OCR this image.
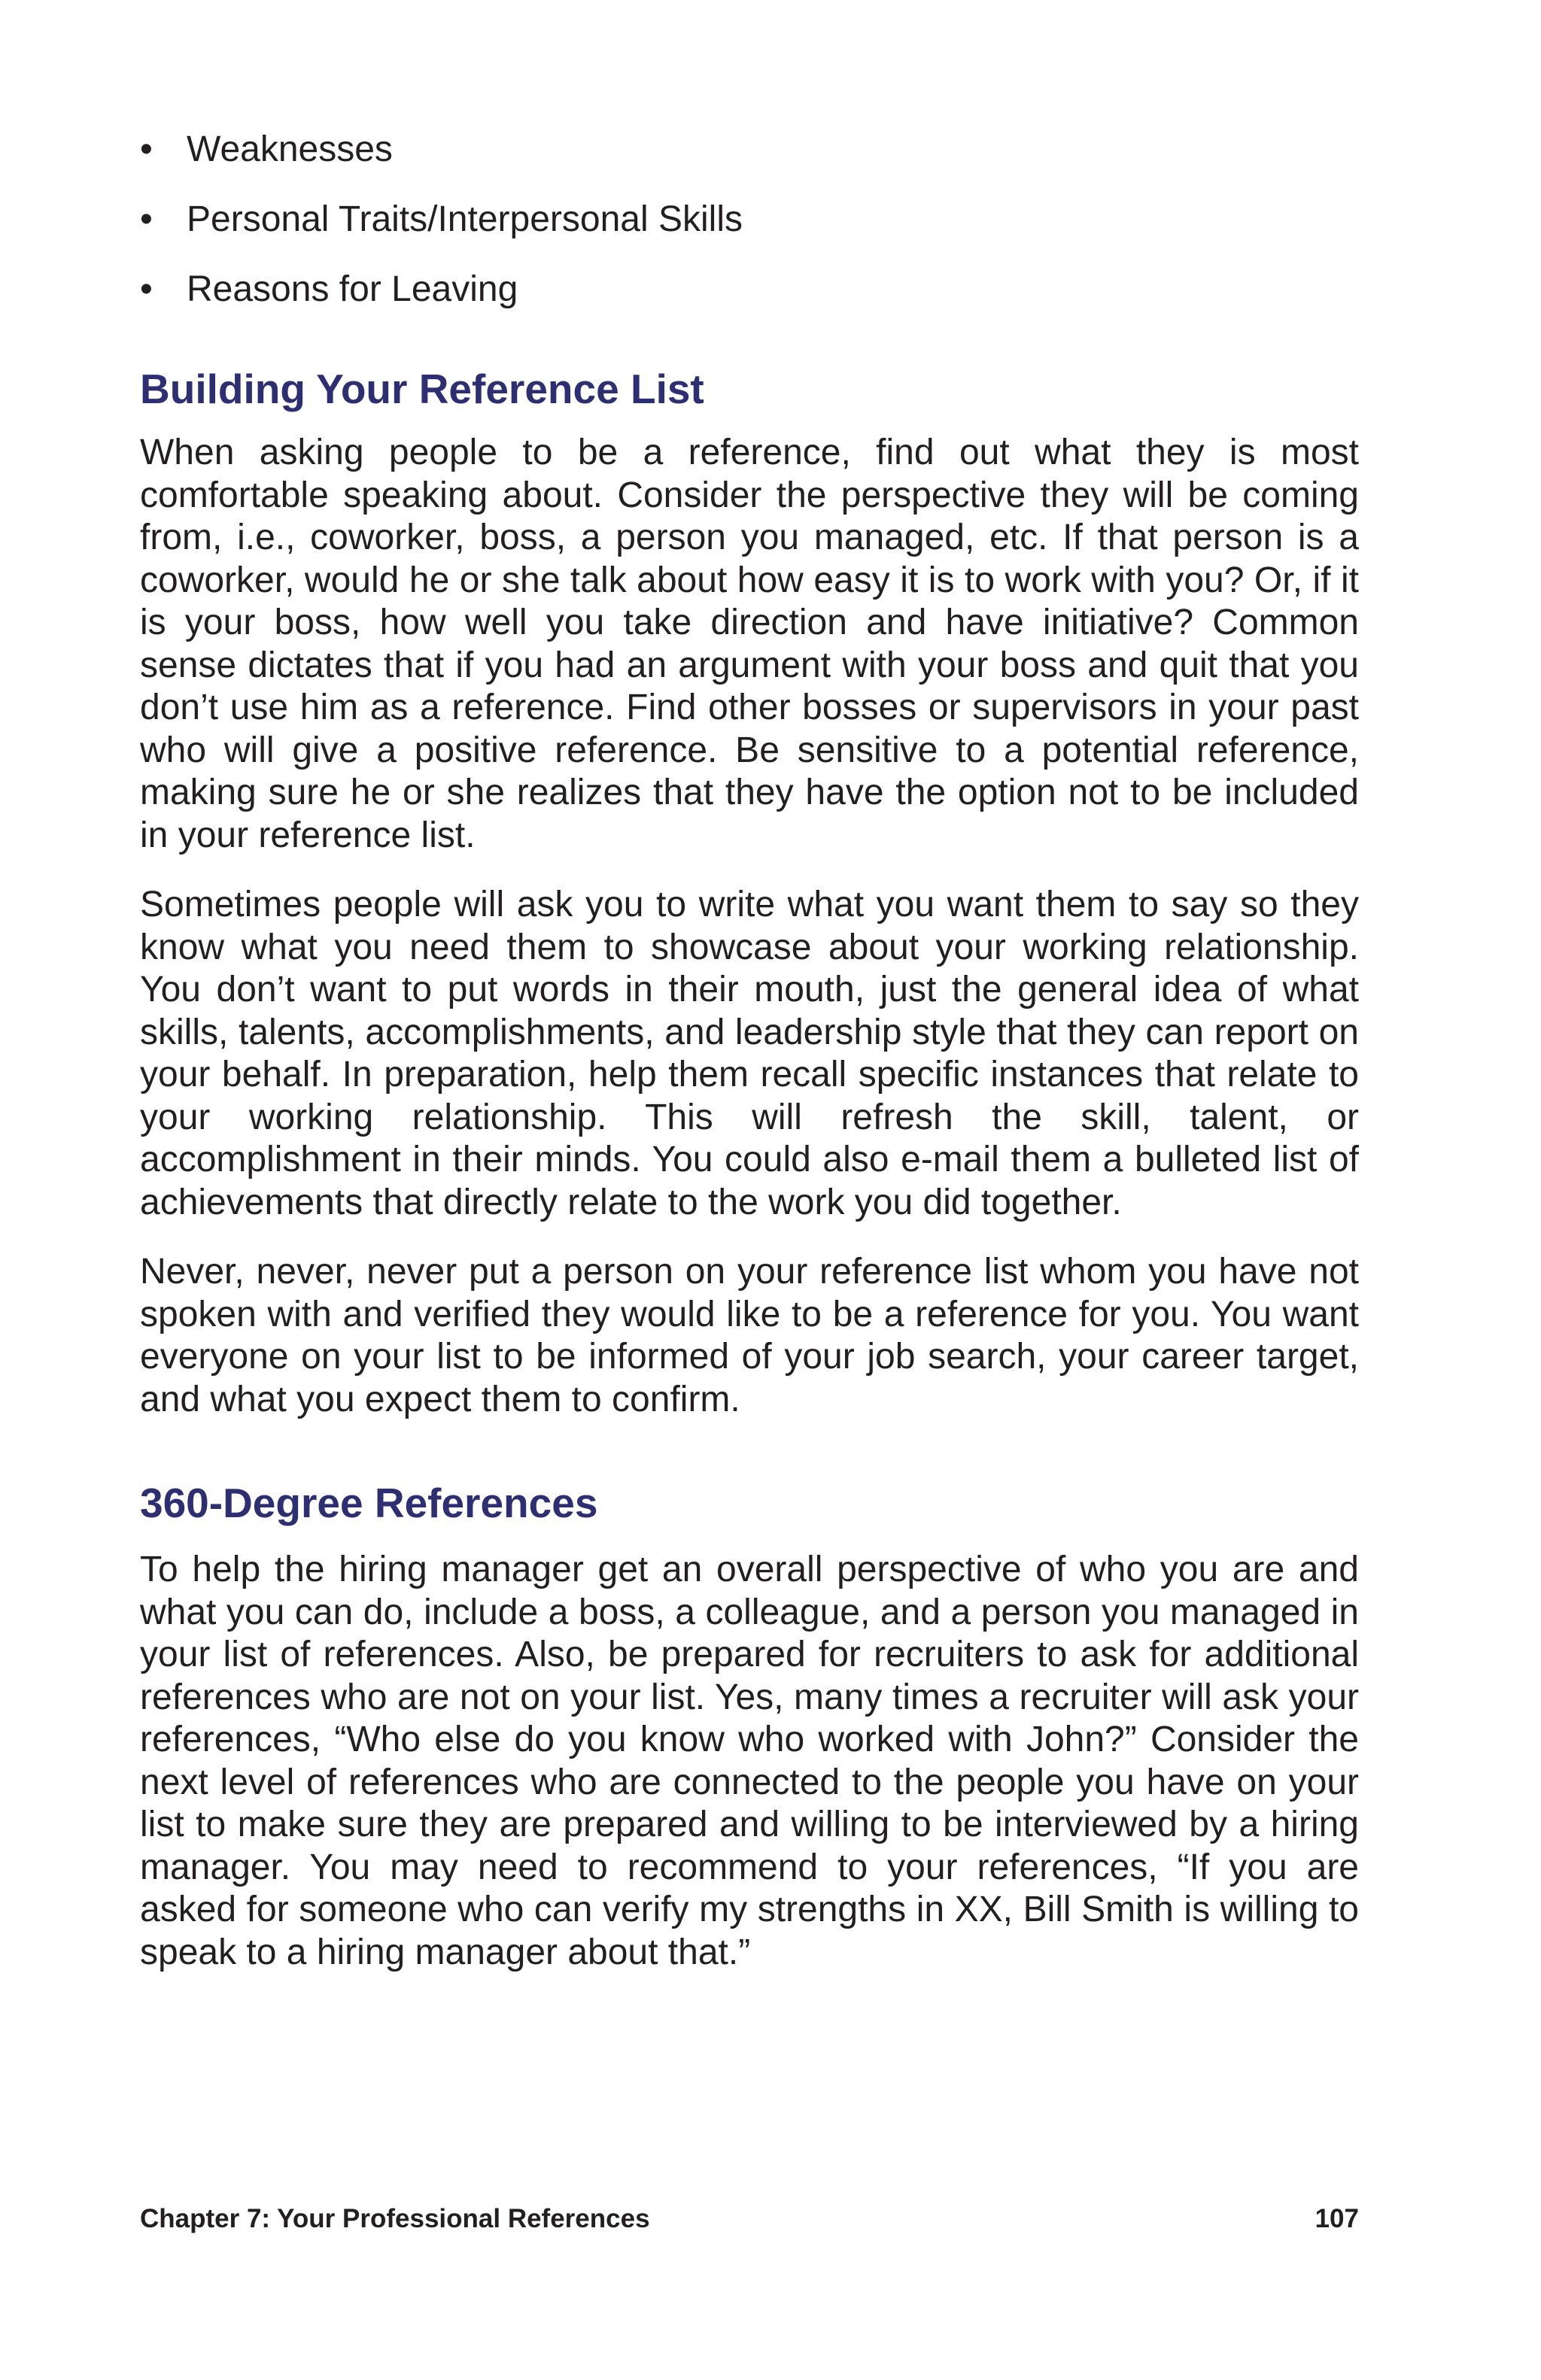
• Weaknesses
• Personal Traits/Interpersonal Skills
• Reasons for Leaving
Building Your Reference List

When asking people to be a reference, find out what they is most comfortable speaking about. Consider the perspective they will be coming from, i.e., coworker, boss, a person you managed, etc. If that person is a coworker, would he or she talk about how easy it is to work with you? Or, if it is your boss, how well you take direction and have initiative? Common sense dictates that if you had an argument with your boss and quit that you don’t use him as a reference. Find other bosses or supervisors in your past who will give a positive reference. Be sensitive to a potential reference, making sure he or she realizes that they have the option not to be included in your reference list.

Sometimes people will ask you to write what you want them to say so they know what you need them to showcase about your working relationship. You don’t want to put words in their mouth, just the general idea of what skills, talents, accomplishments, and leadership style that they can report on your behalf. In preparation, help them recall specific instances that relate to your working relationship. This will refresh the skill, talent, or accomplishment in their minds. You could also e-mail them a bulleted list of achievements that directly relate to the work you did together.

Never, never, never put a person on your reference list whom you have not spoken with and verified they would like to be a reference for you. You want everyone on your list to be informed of your job search, your career target, and what you expect them to confirm.

360-Degree References

To help the hiring manager get an overall perspective of who you are and what you can do, include a boss, a colleague, and a person you managed in your list of references. Also, be prepared for recruiters to ask for additional references who are not on your list. Yes, many times a recruiter will ask your references, “Who else do you know who worked with John?” Consider the next level of references who are connected to the people you have on your list to make sure they are prepared and willing to be interviewed by a hiring manager. You may need to recommend to your references, “If you are asked for someone who can verify my strengths in XX, Bill Smith is willing to speak to a hiring manager about that.”

Chapter 7: Your Professional References	107
